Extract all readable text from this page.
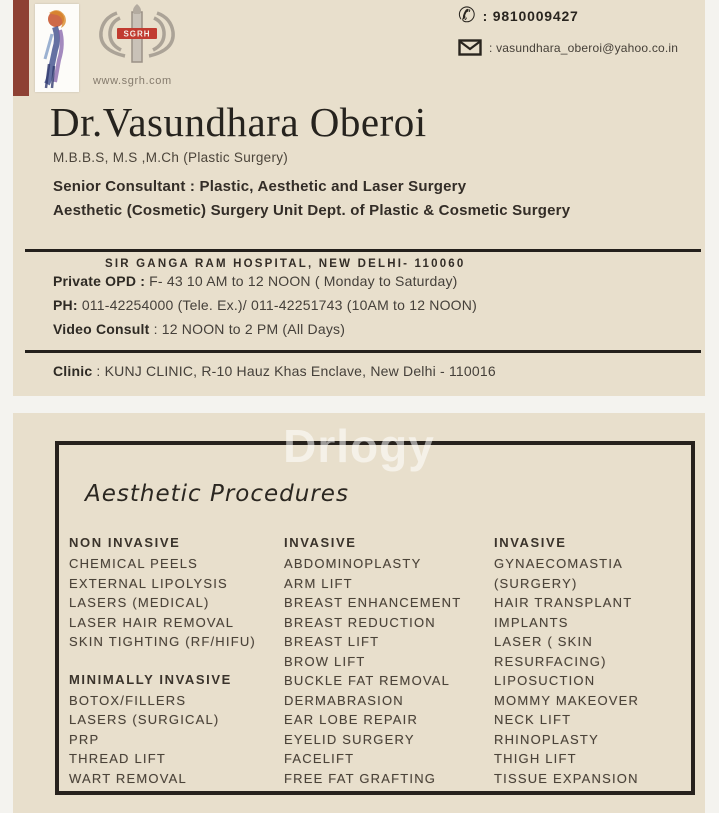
SGRH
www.sgrh.com
✆ : 9810009427
: vasundhara_oberoi@yahoo.co.in
Dr.Vasundhara Oberoi
M.B.B.S, M.S ,M.Ch (Plastic Surgery)
Senior Consultant : Plastic, Aesthetic and Laser Surgery
Aesthetic (Cosmetic) Surgery Unit Dept. of Plastic & Cosmetic Surgery
SIR GANGA RAM HOSPITAL, NEW DELHI- 110060
Private OPD : F- 43 10 AM to 12 NOON ( Monday to Saturday)
PH: 011-42254000 (Tele. Ex.)/ 011-42251743 (10AM to 12 NOON)
Video Consult : 12 NOON to 2 PM (All Days)
Clinic : KUNJ CLINIC, R-10 Hauz Khas Enclave, New Delhi - 110016
Drlogy
Aesthetic Procedures
NON INVASIVE
CHEMICAL PEELS
EXTERNAL LIPOLYSIS
LASERS (MEDICAL)
LASER HAIR REMOVAL
SKIN TIGHTING (RF/HIFU)
MINIMALLY INVASIVE
BOTOX/FILLERS
LASERS (SURGICAL)
PRP
THREAD LIFT
WART REMOVAL
INVASIVE
ABDOMINOPLASTY
ARM LIFT
BREAST ENHANCEMENT
BREAST REDUCTION
BREAST LIFT
BROW LIFT
BUCKLE FAT REMOVAL
DERMABRASION
EAR LOBE REPAIR
EYELID SURGERY
FACELIFT
FREE FAT GRAFTING
INVASIVE
GYNAECOMASTIA (SURGERY)
HAIR TRANSPLANT
IMPLANTS
LASER ( SKIN RESURFACING)
LIPOSUCTION
MOMMY MAKEOVER
NECK LIFT
RHINOPLASTY
THIGH LIFT
TISSUE EXPANSION
